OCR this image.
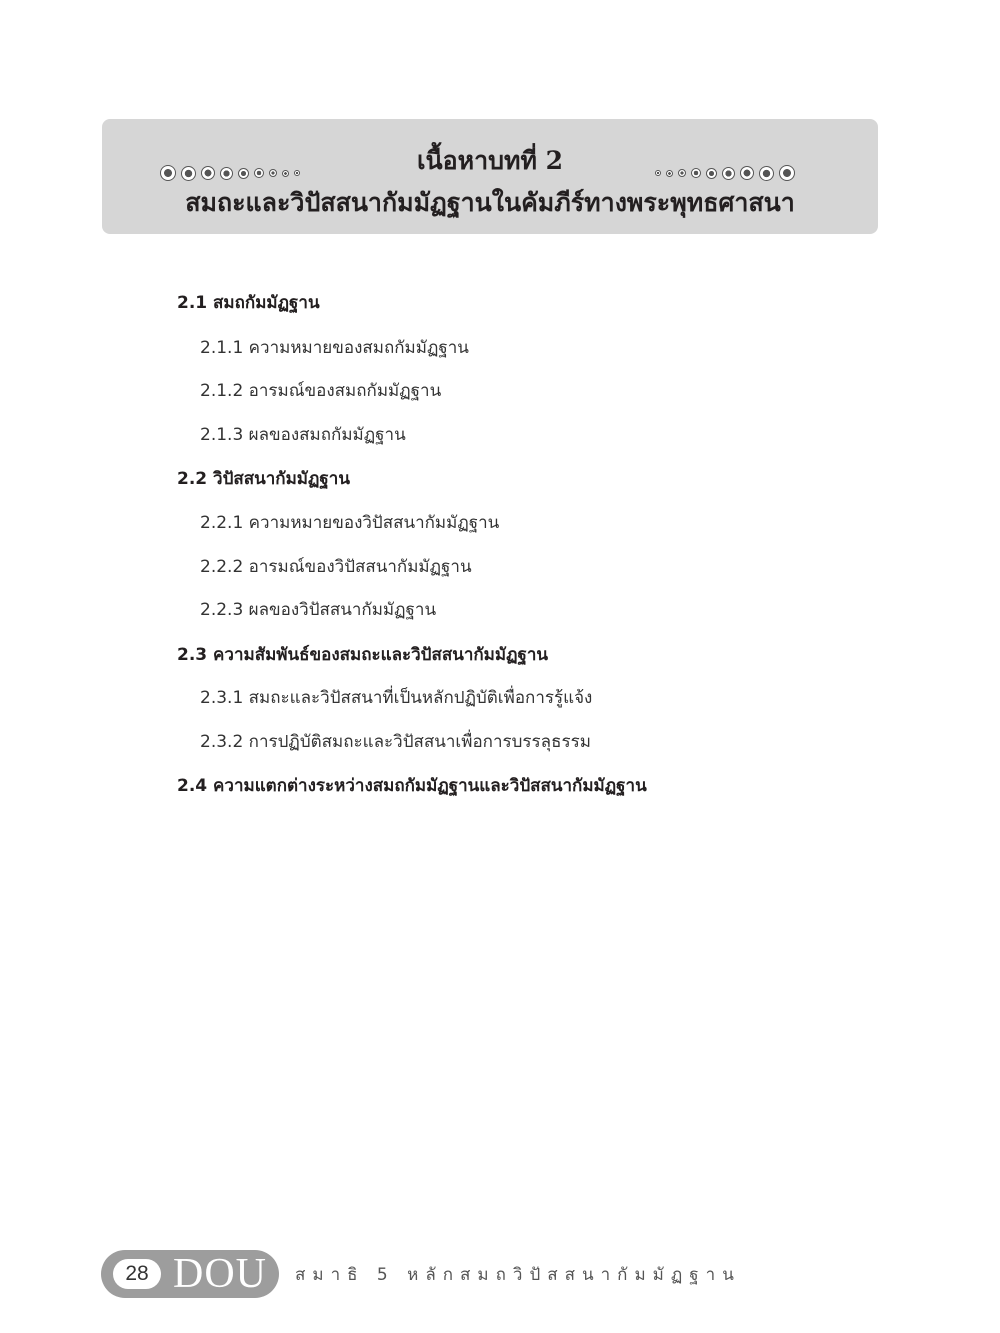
เนื้อหาบทที่ 2
สมถะและวิปัสสนากัมมัฏฐานในคัมภีร์ทางพระพุทธศาสนา
2.1 สมถกัมมัฏฐาน
2.1.1 ความหมายของสมถกัมมัฏฐาน
2.1.2 อารมณ์ของสมถกัมมัฏฐาน
2.1.3 ผลของสมถกัมมัฏฐาน
2.2 วิปัสสนากัมมัฏฐาน
2.2.1 ความหมายของวิปัสสนากัมมัฏฐาน
2.2.2 อารมณ์ของวิปัสสนากัมมัฏฐาน
2.2.3 ผลของวิปัสสนากัมมัฏฐาน
2.3 ความสัมพันธ์ของสมถะและวิปัสสนากัมมัฏฐาน
2.3.1 สมถะและวิปัสสนาที่เป็นหลักปฏิบัติเพื่อการรู้แจ้ง
2.3.2 การปฏิบัติสมถะและวิปัสสนาเพื่อการบรรลุธรรม
2.4 ความแตกต่างระหว่างสมถกัมมัฏฐานและวิปัสสนากัมมัฏฐาน
28 DOU สมาธิ 5 หลักสมถวิปัสสนากัมมัฏฐาน
